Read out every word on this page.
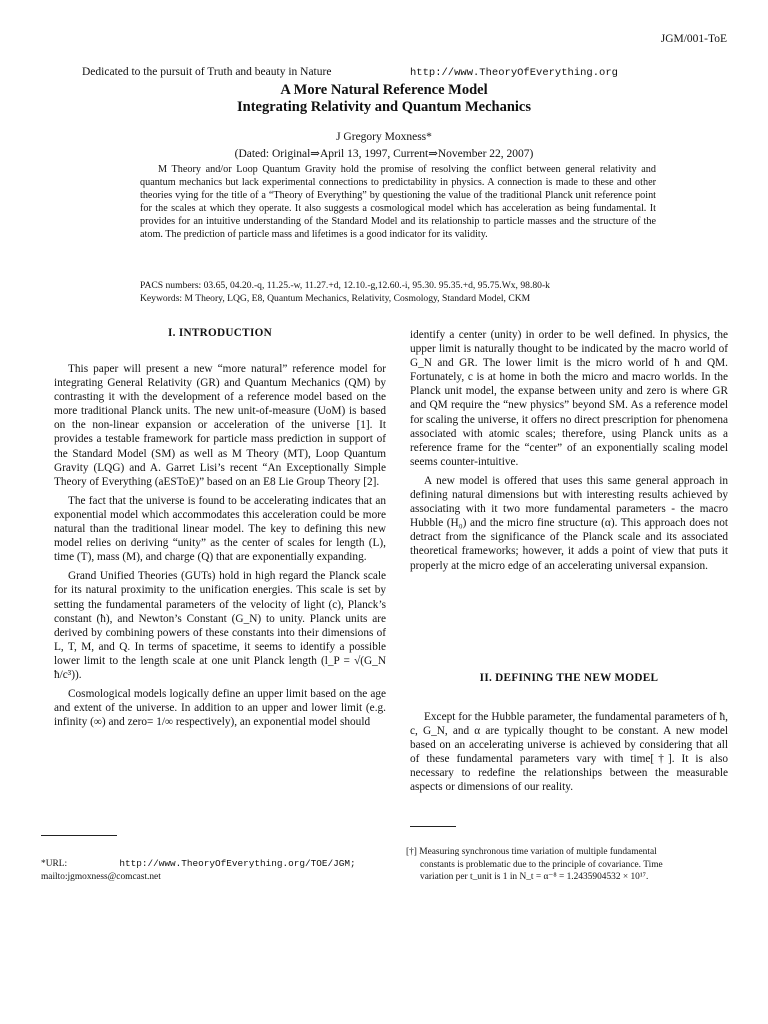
JGM/001-ToE
Dedicated to the pursuit of Truth and beauty in Nature	http://www.TheoryOfEverything.org
A More Natural Reference Model
Integrating Relativity and Quantum Mechanics
J Gregory Moxness*
(Dated: Original⇒April 13, 1997, Current⇒November 22, 2007)

M Theory and/or Loop Quantum Gravity hold the promise of resolving the conflict between general relativity and quantum mechanics but lack experimental connections to predictability in physics. A connection is made to these and other theories vying for the title of a “Theory of Everything” by questioning the value of the traditional Planck unit reference point for the scales at which they operate. It also suggests a cosmological model which has acceleration as being fundamental. It provides for an intuitive understanding of the Standard Model and its relationship to particle masses and the structure of the atom. The prediction of particle mass and lifetimes is a good indicator for its validity.

PACS numbers: 03.65, 04.20.-q, 11.25.-w, 11.27.+d, 12.10.-g,12.60.-i, 95.30. 95.35.+d, 95.75.Wx, 98.80-k
Keywords: M Theory, LQG, E8, Quantum Mechanics, Relativity, Cosmology, Standard Model, CKM
I. INTRODUCTION

This paper will present a new “more natural” reference model for integrating General Relativity (GR) and Quantum Mechanics (QM) by contrasting it with the development of a reference model based on the more traditional Planck units. The new unit-of-measure (UoM) is based on the non-linear expansion or acceleration of the universe [1]. It provides a testable framework for particle mass prediction in support of the Standard Model (SM) as well as M Theory (MT), Loop Quantum Gravity (LQG) and A. Garret Lisi’s recent “An Exceptionally Simple Theory of Everything (aESToE)” based on an E8 Lie Group Theory [2].

The fact that the universe is found to be accelerating indicates that an exponential model which accommodates this acceleration could be more natural than the traditional linear model. The key to defining this new model relies on deriving “unity” as the center of scales for length (L), time (T), mass (M), and charge (Q) that are exponentially expanding.

Grand Unified Theories (GUTs) hold in high regard the Planck scale for its natural proximity to the unification energies. This scale is set by setting the fundamental parameters of the velocity of light (c), Planck’s constant (ħ), and Newton’s Constant (G_N) to unity. Planck units are derived by combining powers of these constants into their dimensions of L, T, M, and Q. In terms of spacetime, it seems to identify a possible lower limit to the length scale at one unit Planck length (l_P = √(G_N ħ/c³)).

Cosmological models logically define an upper limit based on the age and extent of the universe. In addition to an upper and lower limit (e.g. infinity (∞) and zero= 1/∞ respectively), an exponential model should

identify a center (unity) in order to be well defined. In physics, the upper limit is naturally thought to be indicated by the macro world of G_N and GR. The lower limit is the micro world of ħ and QM. Fortunately, c is at home in both the micro and macro worlds. In the Planck unit model, the expanse between unity and zero is where GR and QM require the “new physics” beyond SM. As a reference model for scaling the universe, it offers no direct prescription for phenomena associated with atomic scales; therefore, using Planck units as a reference frame for the “center” of an exponentially scaling model seems counter-intuitive.

A new model is offered that uses this same general approach in defining natural dimensions but with interesting results achieved by associating with it two more fundamental parameters - the macro Hubble (H₀) and the micro fine structure (α). This approach does not detract from the significance of the Planck scale and its associated theoretical frameworks; however, it adds a point of view that puts it properly at the micro edge of an accelerating universal expansion.

II. DEFINING THE NEW MODEL

Except for the Hubble parameter, the fundamental parameters of ħ, c, G_N, and α are typically thought to be constant. A new model based on an accelerating universe is achieved by considering that all of these fundamental parameters vary with time[†]. It is also necessary to redefine the relationships between the measurable aspects or dimensions of our reality.

*URL:	http://www.TheoryOfEverything.org/TOE/JGM;
mailto:jgmoxness@comcast.net
[†] Measuring synchronous time variation of multiple fundamental
constants is problematic due to the principle of covariance. Time
variation per t_unit is 1 in N_t = α⁻⁸ = 1.2435904532 × 10¹⁷.
